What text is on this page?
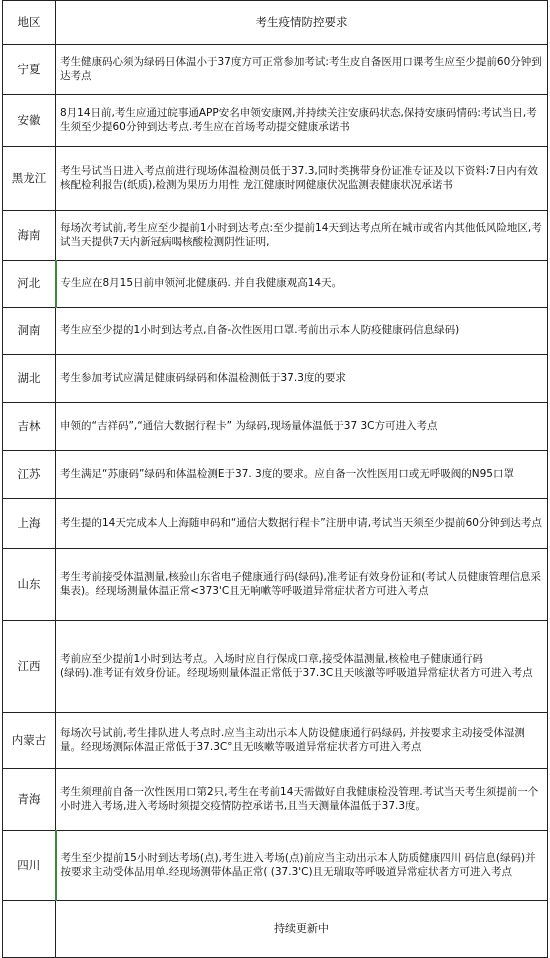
地区	考生疫情防控要求
宁夏	考生健康码心须为绿码日体温小于37度方可正常参加考试:考生皮自备医用口课考生应至少提前60分钟到达考点
安徽	8月14日前,考生应通过皖事通APP安名申领安康网,并持续关注安康码状态,保持安康码情码:考试当日,考生须至少提60分钟到达考点.考生应在首场考动提交健康承诺书
黑龙江	考生号试当日进入考点前进行现场体温检测员低于37.3,同时类携带身份证准专证及以下资料:7日内有效核配检利报告(纸质),检测为果历力用性 龙江健康时网健康伏况监测表健康状况承诺书
海南	每场次考试前,考生应至少提前1小时到达考点:至少提前14天到达考点所在城市或省内其他低风险地区,考试当天提供7天内新冠病喝核酸检测阴性证明,
河北	专生应在8月15日前申领河北健康码. 并自我健康观高14天。
洞南	考生应至少提的1小时到达考点,自备-次性医用口罩.考前出示本人防疫健康码信息绿码)
湖北	考生参加考试应满足健康码绿码和体温检测低于37.3度的要求
吉林	申领的“吉祥码”,“通信大数据行程卡” 为绿码,现场量体温低于37 3C方可进入考点
江苏	考生满足“苏康码”绿码和体温检测E于37. 3度的要求。应自备一次性医用口或无呼吸阀的N95口罩
上海	考生提的14天完成本人上海随申码和“通信大数据行程卡”注册申请,考试当天须至少提前60分钟到达考点
山东	考生考前接受体温测量,核验山东省电子健康通行码(绿码),准考证有效身份证和(考试人员健康管理信息采集表)。经现场测量体温正常<373'C且无响嗽等呼吸道异常症状者方可进入考点
江西	考前应至少提前1小时到达考点。入场时应自行保成口章,接受体温测量,核检电子健康通行码
(绿码).准考证有效身份证。经现场则量体温正常低于37.3C且天咳激等呼吸道异常症状者方可进入考点
内蒙古	每场次号试前,考生排队进人考点时.应当主动出示本人防设健康通行码绿码, 并按要求主动接受体湿测量。经现场测际体温正常低于37.3C°且无咳嗽等吸道异常症状者方可进入考点
青海	考生须理前自备一次性医用口第2只,考生在考前14天需做好自我健康检没管理.考试当天考生须提前一个小时进入考场,进入考场时须提交疫情防控承诺书,且当天测量体温低于37.3度。
四川	考生至少提前15小时到达考场(点),考生进入考场(点)前应当主动出示本人防质健康四川 码信息(绿码)并按要求主动受体品用单.经现场测带体晶正常( (37.3'C)且无瑞取等呼吸道异常症状者方可进入考点
	持续更新中
